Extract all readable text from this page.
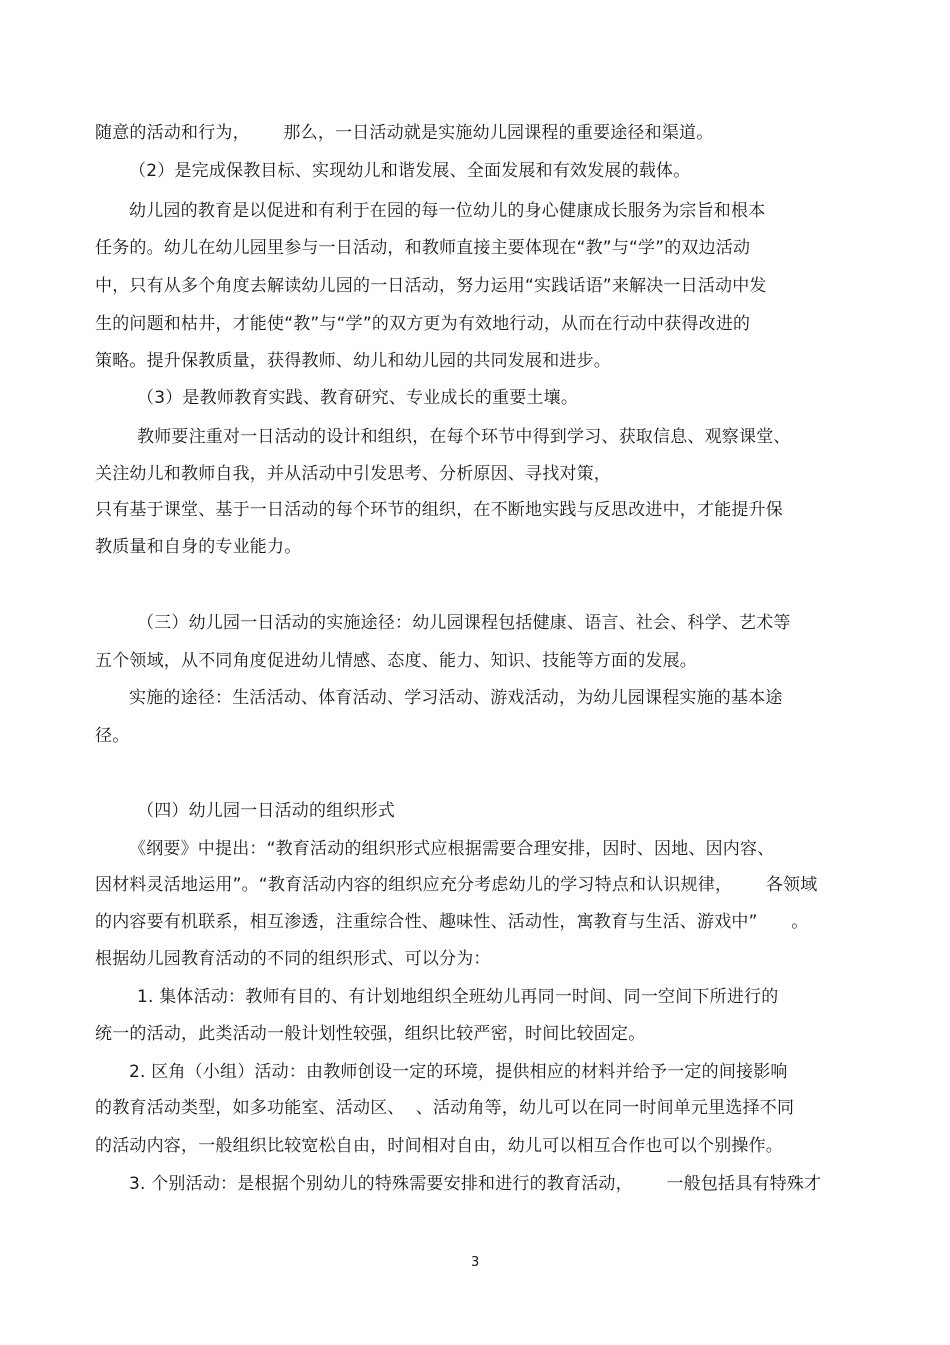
随意的活动和行为，      那么，一日活动就是实施幼儿园课程的重要途径和渠道。
（2）是完成保教目标、实现幼儿和谐发展、全面发展和有效发展的载体。
幼儿园的教育是以促进和有利于在园的每一位幼儿的身心健康成长服务为宗旨和根本
任务的。幼儿在幼儿园里参与一日活动，和教师直接主要体现在“教”与“学”的双边活动
中，只有从多个角度去解读幼儿园的一日活动，努力运用“实践话语”来解决一日活动中发
生的问题和枯井，才能使“教”与“学”的双方更为有效地行动，从而在行动中获得改进的
策略。提升保教质量，获得教师、幼儿和幼儿园的共同发展和进步。
（3）是教师教育实践、教育研究、专业成长的重要土壤。
教师要注重对一日活动的设计和组织，在每个环节中得到学习、获取信息、观察课堂、
关注幼儿和教师自我，并从活动中引发思考、分析原因、寻找对策，
只有基于课堂、基于一日活动的每个环节的组织，在不断地实践与反思改进中，才能提升保
教质量和自身的专业能力。
（三）幼儿园一日活动的实施途径：幼儿园课程包括健康、语言、社会、科学、艺术等
五个领域，从不同角度促进幼儿情感、态度、能力、知识、技能等方面的发展。
实施的途径：生活活动、体育活动、学习活动、游戏活动，为幼儿园课程实施的基本途
径。
（四）幼儿园一日活动的组织形式
《纲要》中提出：“教育活动的组织形式应根据需要合理安排，因时、因地、因内容、
因材料灵活地运用”。“教育活动内容的组织应充分考虑幼儿的学习特点和认识规律，      各领域
的内容要有机联系，相互渗透，注重综合性、趣味性、活动性，寓教育与生活、游戏中”      。
根据幼儿园教育活动的不同的组织形式、可以分为：
1. 集体活动：教师有目的、有计划地组织全班幼儿再同一时间、同一空间下所进行的
统一的活动，此类活动一般计划性较强，组织比较严密，时间比较固定。
2. 区角（小组）活动：由教师创设一定的环境，提供相应的材料并给予一定的间接影响
的教育活动类型，如多功能室、活动区、  、活动角等，幼儿可以在同一时间单元里选择不同
的活动内容，一般组织比较宽松自由，时间相对自由，幼儿可以相互合作也可以个别操作。
3. 个别活动：是根据个别幼儿的特殊需要安排和进行的教育活动，      一般包括具有特殊才
3
